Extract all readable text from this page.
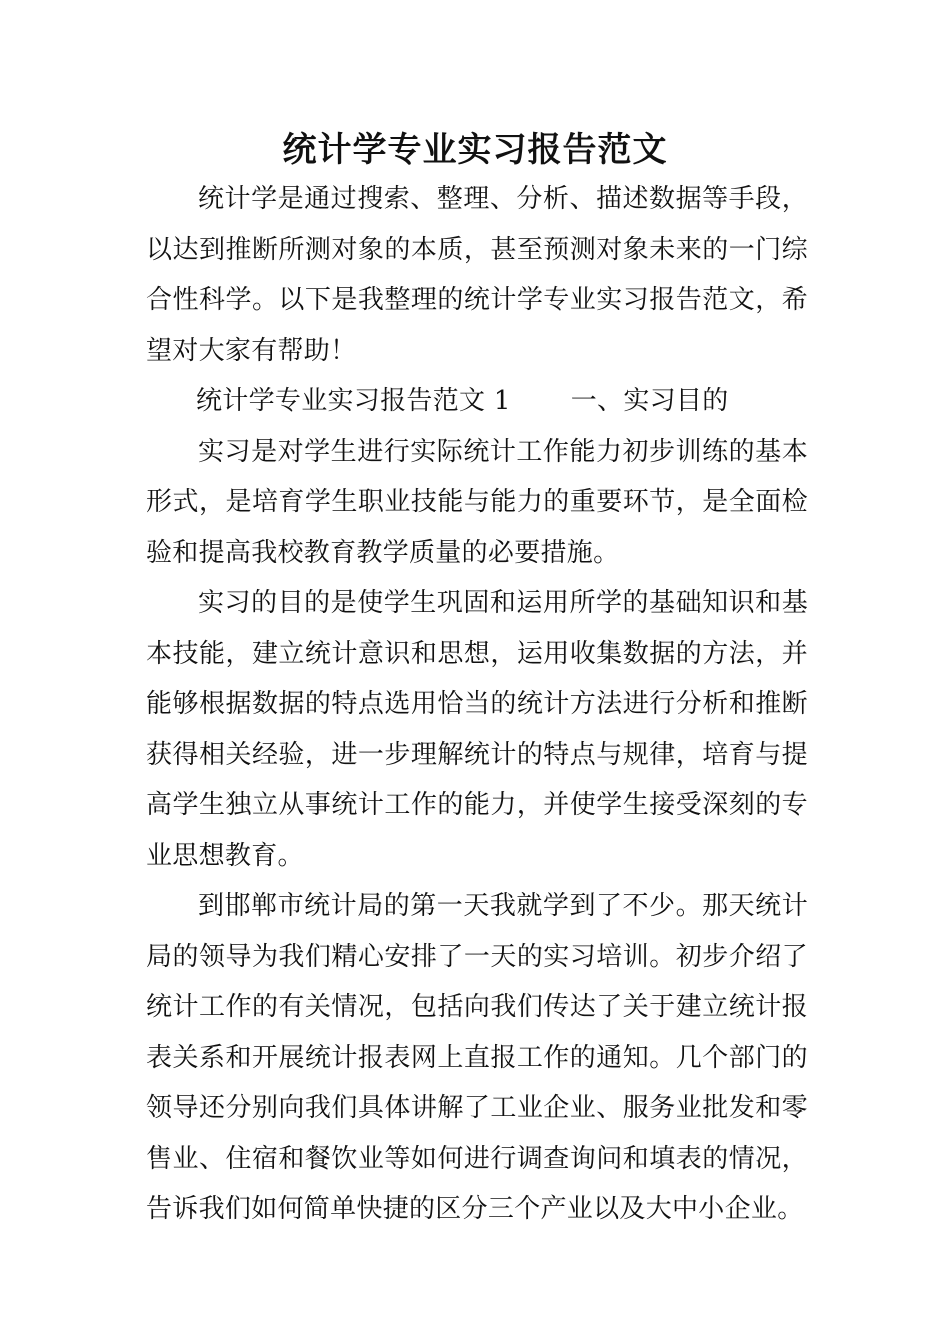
统计学专业实习报告范文

统计学是通过搜索、整理、分析、描述数据等手段，以达到推断所测对象的本质，甚至预测对象未来的一门综合性科学。以下是我整理的统计学专业实习报告范文，希望对大家有帮助！

统计学专业实习报告范文 1 一、实习目的

实习是对学生进行实际统计工作能力初步训练的基本形式，是培育学生职业技能与能力的重要环节，是全面检验和提高我校教育教学质量的必要措施。

实习的目的是使学生巩固和运用所学的基础知识和基本技能，建立统计意识和思想，运用收集数据的方法，并能够根据数据的特点选用恰当的统计方法进行分析和推断获得相关经验，进一步理解统计的特点与规律，培育与提高学生独立从事统计工作的能力，并使学生接受深刻的专业思想教育。

到邯郸市统计局的第一天我就学到了不少。那天统计局的领导为我们精心安排了一天的实习培训。初步介绍了统计工作的有关情况，包括向我们传达了关于建立统计报表关系和开展统计报表网上直报工作的通知。几个部门的领导还分别向我们具体讲解了工业企业、服务业批发和零售业、住宿和餐饮业等如何进行调查询问和填表的情况，告诉我们如何简单快捷的区分三个产业以及大中小企业。
